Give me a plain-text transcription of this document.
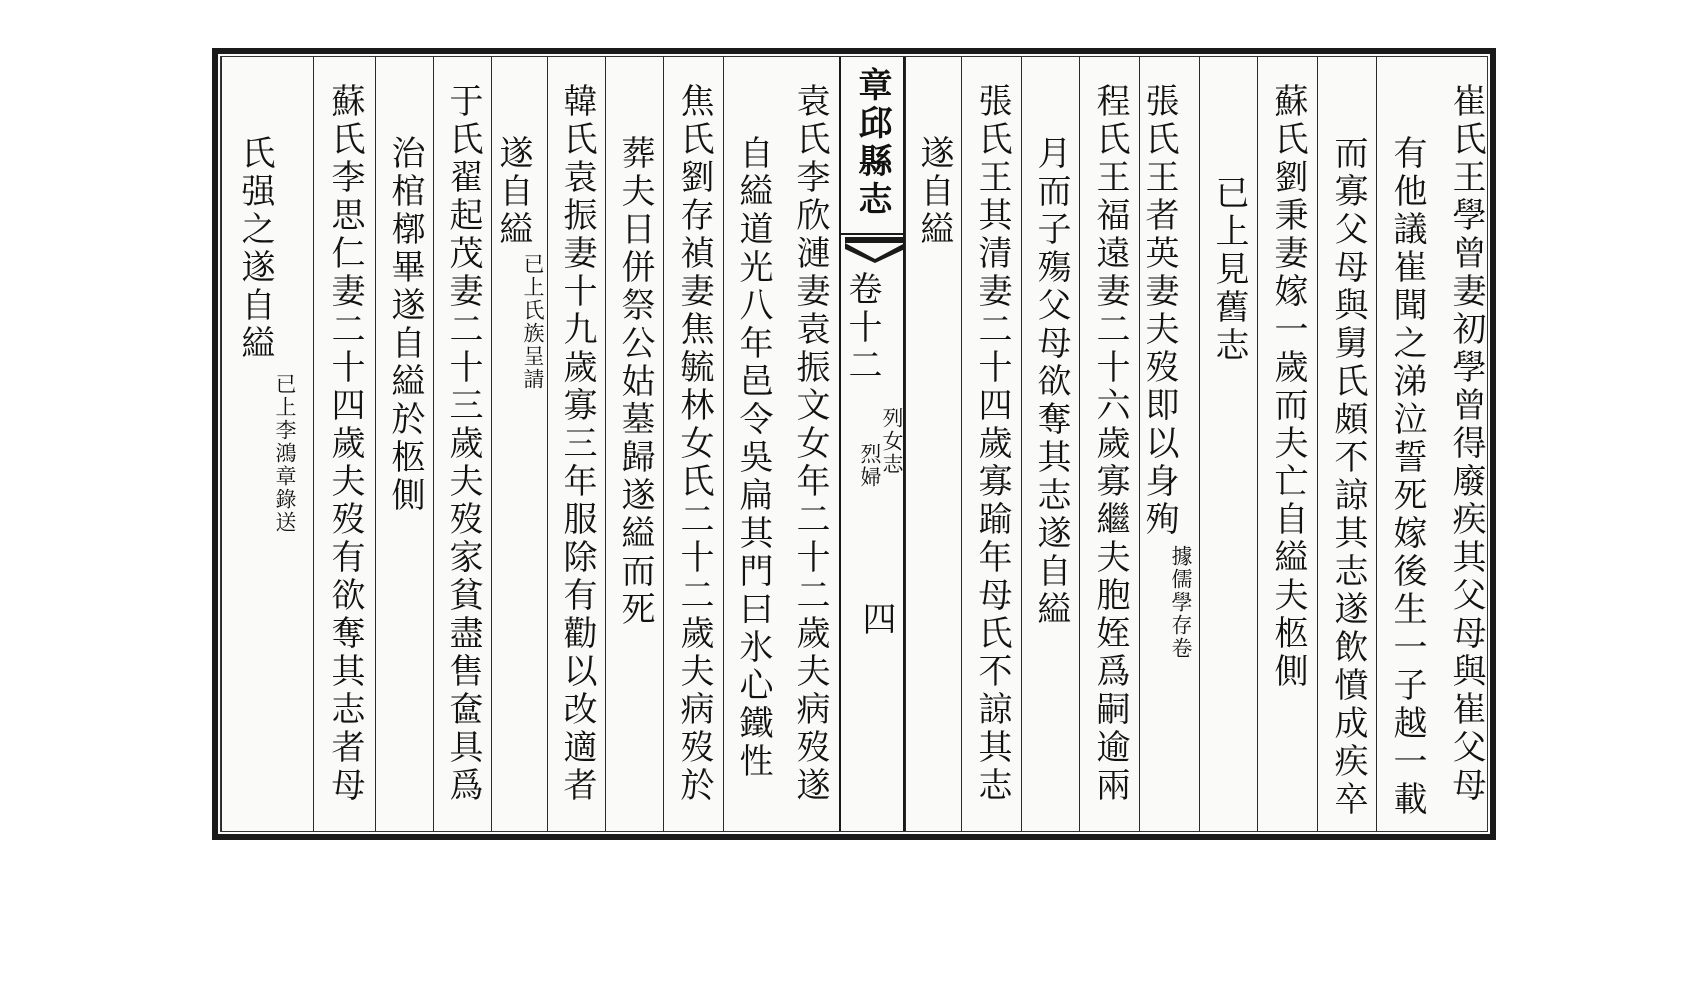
崔氏王學曾妻初學曾得廢疾其父母與崔父母
有他議崔聞之涕泣誓死嫁後生一子越一載
而寡父母與舅氏頗不諒其志遂飲憤成疾卒
蘇氏劉秉妻嫁一歲而夫亡自縊夫柩側
已上見舊志
張氏王者英妻夫歿即以身殉
據儒學存卷
程氏王福遠妻二十六歲寡繼夫胞姪爲嗣逾兩
月而子殤父母欲奪其志遂自縊
張氏王其清妻二十四歲寡踰年母氏不諒其志
遂自縊
章邱縣志
卷十二
列女志
烈婦
四
袁氏李欣漣妻袁振文女年二十二歲夫病歿遂
自縊道光八年邑令吳扁其門曰氷心鐵性
焦氏劉存禎妻焦毓林女氏二十二歲夫病歿於
葬夫日併祭公姑墓歸遂縊而死
韓氏袁振妻十九歲寡三年服除有勸以改適者
遂自縊
已上氏族呈請
于氏翟起茂妻二十三歲夫歿家貧盡售奩具爲
治棺槨畢遂自縊於柩側
蘇氏李思仁妻二十四歲夫歿有欲奪其志者母
氏强之遂自縊
已上李鴻章錄送
